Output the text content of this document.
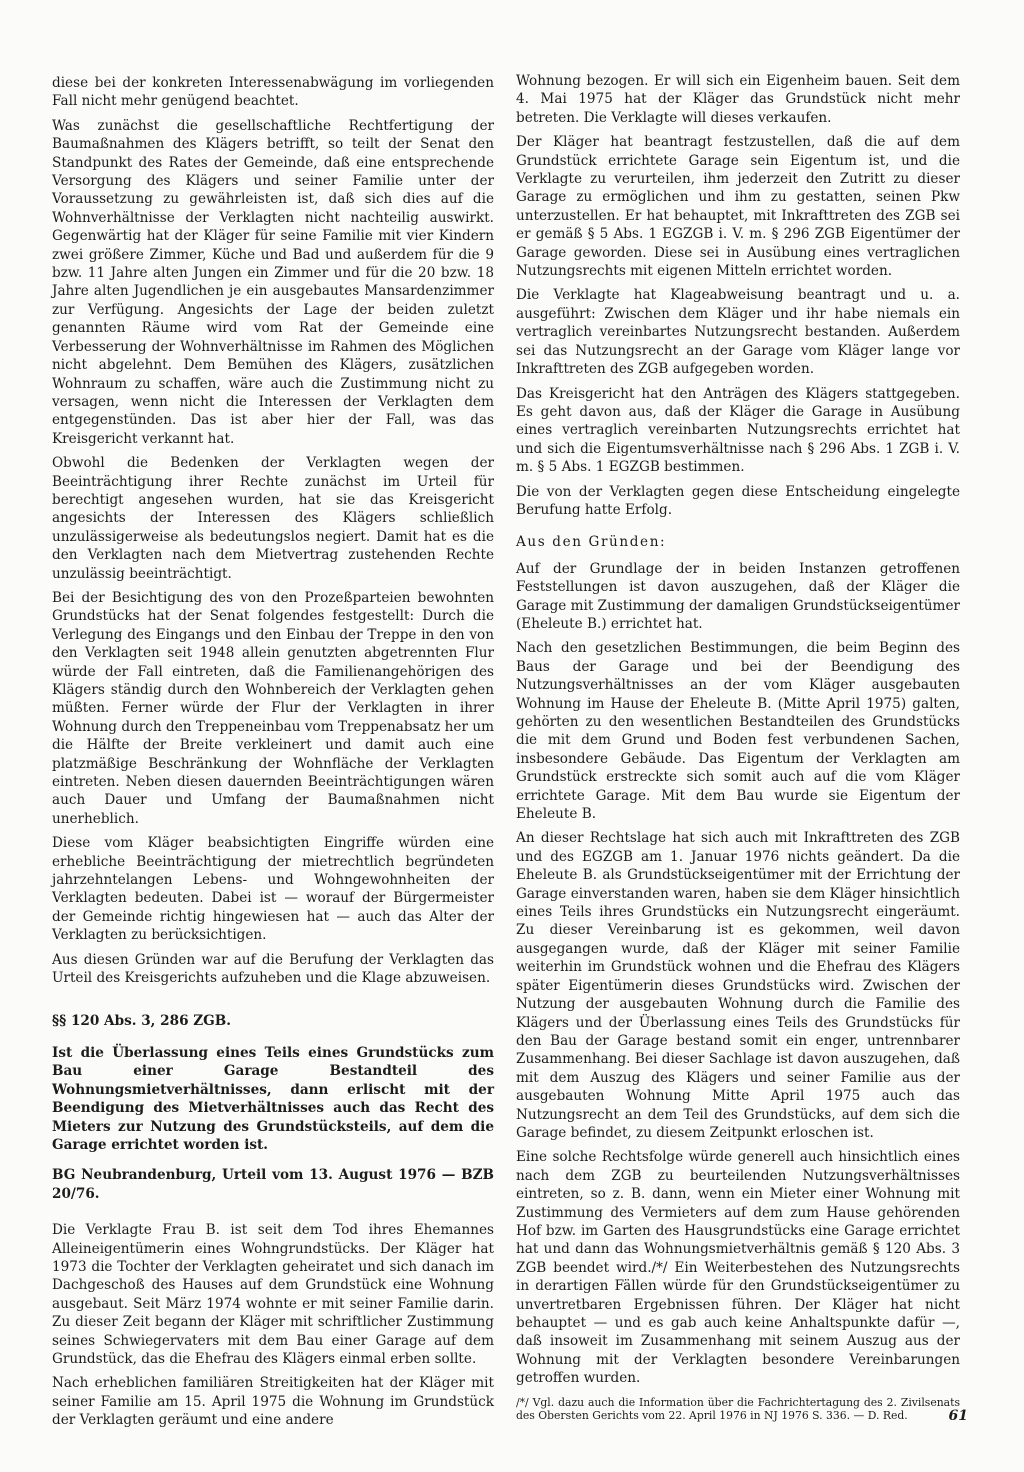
diese bei der konkreten Interessenabwägung im vorliegenden Fall nicht mehr genügend beachtet.

Was zunächst die gesellschaftliche Rechtfertigung der Baumaßnahmen des Klägers betrifft, so teilt der Senat den Standpunkt des Rates der Gemeinde, daß eine entsprechende Versorgung des Klägers und seiner Familie unter der Voraussetzung zu gewährleisten ist, daß sich dies auf die Wohnverhältnisse der Verklagten nicht nachteilig auswirkt. Gegenwärtig hat der Kläger für seine Familie mit vier Kindern zwei größere Zimmer, Küche und Bad und außerdem für die 9 bzw. 11 Jahre alten Jungen ein Zimmer und für die 20 bzw. 18 Jahre alten Jugendlichen je ein ausgebautes Mansardenzimmer zur Verfügung. Angesichts der Lage der beiden zuletzt genannten Räume wird vom Rat der Gemeinde eine Verbesserung der Wohnverhältnisse im Rahmen des Möglichen nicht abgelehnt. Dem Bemühen des Klägers, zusätzlichen Wohnraum zu schaffen, wäre auch die Zustimmung nicht zu versagen, wenn nicht die Interessen der Verklagten dem entgegenstünden. Das ist aber hier der Fall, was das Kreisgericht verkannt hat.

Obwohl die Bedenken der Verklagten wegen der Beeinträchtigung ihrer Rechte zunächst im Urteil für berechtigt angesehen wurden, hat sie das Kreisgericht angesichts der Interessen des Klägers schließlich unzulässigerweise als bedeutungslos negiert. Damit hat es die den Verklagten nach dem Mietvertrag zustehenden Rechte unzulässig beeinträchtigt.

Bei der Besichtigung des von den Prozeßparteien bewohnten Grundstücks hat der Senat folgendes festgestellt: Durch die Verlegung des Eingangs und den Einbau der Treppe in den von den Verklagten seit 1948 allein genutzten abgetrennten Flur würde der Fall eintreten, daß die Familienangehörigen des Klägers ständig durch den Wohnbereich der Verklagten gehen müßten. Ferner würde der Flur der Verklagten in ihrer Wohnung durch den Treppeneinbau vom Treppenabsatz her um die Hälfte der Breite verkleinert und damit auch eine platzmäßige Beschränkung der Wohnfläche der Verklagten eintreten. Neben diesen dauernden Beeinträchtigungen wären auch Dauer und Umfang der Baumaßnahmen nicht unerheblich.

Diese vom Kläger beabsichtigten Eingriffe würden eine erhebliche Beeinträchtigung der mietrechtlich begründeten jahrzehntelangen Lebens- und Wohngewohnheiten der Verklagten bedeuten. Dabei ist — worauf der Bürgermeister der Gemeinde richtig hingewiesen hat — auch das Alter der Verklagten zu berücksichtigen.

Aus diesen Gründen war auf die Berufung der Verklagten das Urteil des Kreisgerichts aufzuheben und die Klage abzuweisen.

§§ 120 Abs. 3, 286 ZGB.

Ist die Überlassung eines Teils eines Grundstücks zum Bau einer Garage Bestandteil des Wohnungsmietverhältnisses, dann erlischt mit der Beendigung des Mietverhältnisses auch das Recht des Mieters zur Nutzung des Grundstücksteils, auf dem die Garage errichtet worden ist.

BG Neubrandenburg, Urteil vom 13. August 1976 — BZB 20/76.

Die Verklagte Frau B. ist seit dem Tod ihres Ehemannes Alleineigentümerin eines Wohngrundstücks. Der Kläger hat 1973 die Tochter der Verklagten geheiratet und sich danach im Dachgeschoß des Hauses auf dem Grundstück eine Wohnung ausgebaut. Seit März 1974 wohnte er mit seiner Familie darin. Zu dieser Zeit begann der Kläger mit schriftlicher Zustimmung seines Schwiegervaters mit dem Bau einer Garage auf dem Grundstück, das die Ehefrau des Klägers einmal erben sollte.

Nach erheblichen familiären Streitigkeiten hat der Kläger mit seiner Familie am 15. April 1975 die Wohnung im Grundstück der Verklagten geräumt und eine andere

Wohnung bezogen. Er will sich ein Eigenheim bauen. Seit dem 4. Mai 1975 hat der Kläger das Grundstück nicht mehr betreten. Die Verklagte will dieses verkaufen.

Der Kläger hat beantragt festzustellen, daß die auf dem Grundstück errichtete Garage sein Eigentum ist, und die Verklagte zu verurteilen, ihm jederzeit den Zutritt zu dieser Garage zu ermöglichen und ihm zu gestatten, seinen Pkw unterzustellen. Er hat behauptet, mit Inkrafttreten des ZGB sei er gemäß § 5 Abs. 1 EGZGB i. V. m. § 296 ZGB Eigentümer der Garage geworden. Diese sei in Ausübung eines vertraglichen Nutzungsrechts mit eigenen Mitteln errichtet worden.

Die Verklagte hat Klageabweisung beantragt und u. a. ausgeführt: Zwischen dem Kläger und ihr habe niemals ein vertraglich vereinbartes Nutzungsrecht bestanden. Außerdem sei das Nutzungsrecht an der Garage vom Kläger lange vor Inkrafttreten des ZGB aufgegeben worden.

Das Kreisgericht hat den Anträgen des Klägers stattgegeben. Es geht davon aus, daß der Kläger die Garage in Ausübung eines vertraglich vereinbarten Nutzungsrechts errichtet hat und sich die Eigentumsverhältnisse nach § 296 Abs. 1 ZGB i. V. m. § 5 Abs. 1 EGZGB bestimmen.

Die von der Verklagten gegen diese Entscheidung eingelegte Berufung hatte Erfolg.

Aus den Gründen:

Auf der Grundlage der in beiden Instanzen getroffenen Feststellungen ist davon auszugehen, daß der Kläger die Garage mit Zustimmung der damaligen Grundstückseigentümer (Eheleute B.) errichtet hat.

Nach den gesetzlichen Bestimmungen, die beim Beginn des Baus der Garage und bei der Beendigung des Nutzungsverhältnisses an der vom Kläger ausgebauten Wohnung im Hause der Eheleute B. (Mitte April 1975) galten, gehörten zu den wesentlichen Bestandteilen des Grundstücks die mit dem Grund und Boden fest verbundenen Sachen, insbesondere Gebäude. Das Eigentum der Verklagten am Grundstück erstreckte sich somit auch auf die vom Kläger errichtete Garage. Mit dem Bau wurde sie Eigentum der Eheleute B.

An dieser Rechtslage hat sich auch mit Inkrafttreten des ZGB und des EGZGB am 1. Januar 1976 nichts geändert. Da die Eheleute B. als Grundstückseigentümer mit der Errichtung der Garage einverstanden waren, haben sie dem Kläger hinsichtlich eines Teils ihres Grundstücks ein Nutzungsrecht eingeräumt. Zu dieser Vereinbarung ist es gekommen, weil davon ausgegangen wurde, daß der Kläger mit seiner Familie weiterhin im Grundstück wohnen und die Ehefrau des Klägers später Eigentümerin dieses Grundstücks wird. Zwischen der Nutzung der ausgebauten Wohnung durch die Familie des Klägers und der Überlassung eines Teils des Grundstücks für den Bau der Garage bestand somit ein enger, untrennbarer Zusammenhang. Bei dieser Sachlage ist davon auszugehen, daß mit dem Auszug des Klägers und seiner Familie aus der ausgebauten Wohnung Mitte April 1975 auch das Nutzungsrecht an dem Teil des Grundstücks, auf dem sich die Garage befindet, zu diesem Zeitpunkt erloschen ist.

Eine solche Rechtsfolge würde generell auch hinsichtlich eines nach dem ZGB zu beurteilenden Nutzungsverhältnisses eintreten, so z. B. dann, wenn ein Mieter einer Wohnung mit Zustimmung des Vermieters auf dem zum Hause gehörenden Hof bzw. im Garten des Hausgrundstücks eine Garage errichtet hat und dann das Wohnungsmietverhältnis gemäß § 120 Abs. 3 ZGB beendet wird./*/ Ein Weiterbestehen des Nutzungsrechts in derartigen Fällen würde für den Grundstückseigentümer zu unvertretbaren Ergebnissen führen. Der Kläger hat nicht behauptet — und es gab auch keine Anhaltspunkte dafür —, daß insoweit im Zusammenhang mit seinem Auszug aus der Wohnung mit der Verklagten besondere Vereinbarungen getroffen wurden.

/*/ Vgl. dazu auch die Information über die Fachrichtertagung des 2. Zivilsenats des Obersten Gerichts vom 22. April 1976 in NJ 1976 S. 336. — D. Red.	61
